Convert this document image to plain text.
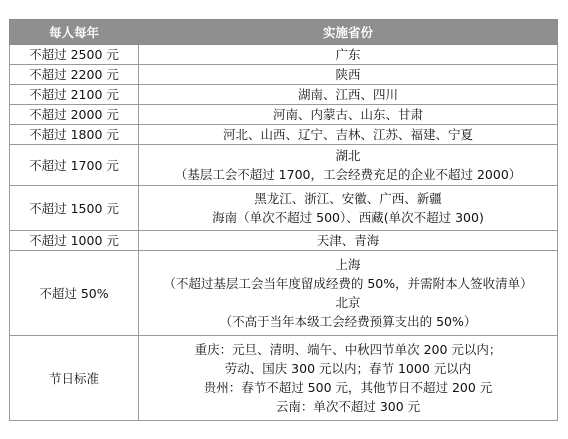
每人每年	实施省份
不超过 2500 元	广东

不超过 2200 元	陕西

不超过 2100 元	湖南、江西、四川

不超过 2000 元	河南、内蒙古、山东、甘肃

不超过 1800 元	河北、山西、辽宁、吉林、江苏、福建、宁夏

不超过 1700 元	湖北
（基层工会不超过 1700，工会经费充足的企业不超过 2000）

不超过 1500 元	黑龙江、浙江、安徽、广西、新疆
海南（单次不超过 500）、西藏(单次不超过 300)

不超过 1000 元	天津、青海

不超过 50%	上海
（不超过基层工会当年度留成经费的 50%，并需附本人签收清单）
北京
（不高于当年本级工会经费预算支出的 50%）

节日标准	重庆：元旦、清明、端午、中秋四节单次 200 元以内；
劳动、国庆 300 元以内；春节 1000 元以内
贵州：春节不超过 500 元，其他节日不超过 200 元
云南：单次不超过 300 元
